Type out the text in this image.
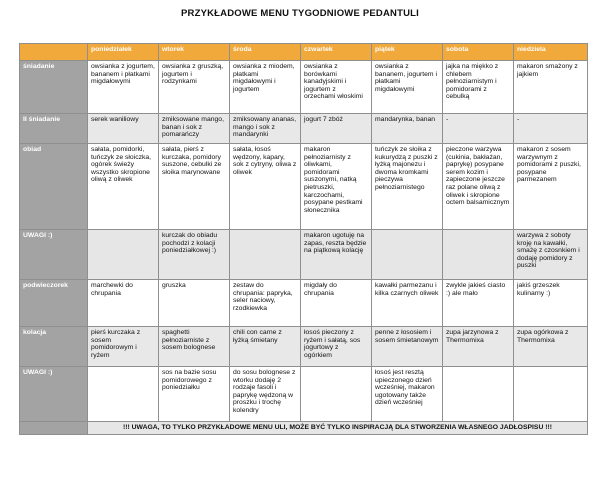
PRZYKŁADOWE MENU TYGODNIOWE PEDANTULI
	poniedziałek	wtorek	środa	czwartek	piątek	sobota	niedziela
śniadanie	owsianka z jogurtem, bananem i płatkami migdałowymi	owsianka z gruszką, jogurtem i rodzynkami	owsianka z miodem, płatkami migdałowymi i jogurtem	owsianka z borówkami kanadyjskimi i jogurtem z orzechami włoskimi	owsianka z bananem, jogurtem i płatkami migdałowymi	jajka na miękko z chlebem pełnoziarnistym i pomidorami z cebulką	makaron smażony z jajkiem
II śniadanie	serek waniliowy	zmiksowane mango, banan i sok z pomarańczy	zmiksowany ananas, mango i sok z mandarynki	jogurt 7 zbóż	mandarynka, banan	-	-
obiad	sałata, pomidorki, tuńczyk ze słoiczka, ogórek świeży wszystko skropione oliwą z oliwek	sałata, pierś z kurczaka, pomidory suszone, cebulki ze słoika marynowane	sałata, łosoś wędzony, kapary, sok z cytryny, oliwa z oliwek	makaron pełnoziarnisty z oliwkami, pomidorami suszonymi, natką pietruszki, karczochami, posypane pestkami słonecznika	tuńczyk ze słoika z kukurydzą z puszki z łyżką majonezu i dwoma kromkami pieczywa pełnoziarnistego	pieczone warzywa (cukinia, bakłażan, paprykę) posypane serem kozim i zapieczone jeszcze raz polane oliwą z oliwek i skropione octem balsamicznym	makaron z sosem warzywnym z pomidorami z puszki, posypane parmezanem
UWAGI :)		kurczak do obiadu pochodzi z kolacji poniedziałkowej :)		makaron ugotuję na zapas, reszta będzie na piątkową kolację			warzywa z soboty kroję na kawałki, smażę z czosnkiem i dodaję pomidory z puszki
podwieczorek	marchewki do chrupania	gruszka	zestaw do chrupania: papryka, seler naciowy, rzodkiewka	migdały do chrupania	kawałki parmezanu i kilka czarnych oliwek	zwykle jakieś ciasto :) ale mało	jakiś grzeszek kulinarny :)
kolacja	pierś kurczaka z sosem pomidorowym i ryżem	spaghetti pełnoziarniste z sosem bolognese	chili con carne z łyżką śmietany	łosoś pieczony z ryżem i sałatą, sos jogurtowy z ogórkiem	penne z łososiem i sosem śmietanowym	zupa jarzynowa z Thermomixa	zupa ogórkowa z Thermomixa
UWAGI :)		sos na bazie sosu pomidorowego z poniedziałku	do sosu bolognese z wtorku dodaję 2 rodzaje fasoli i paprykę wędzoną w proszku i trochę kolendry		łosoś jest resztą upieczonego dzień wcześniej, makaron ugotowany także dzień wcześniej		
	!!! UWAGA, TO TYLKO PRZYKŁADOWE MENU ULI, MOŻE BYĆ TYLKO INSPIRACJĄ DLA STWORZENIA WŁASNEGO JADŁOSPISU !!!						
